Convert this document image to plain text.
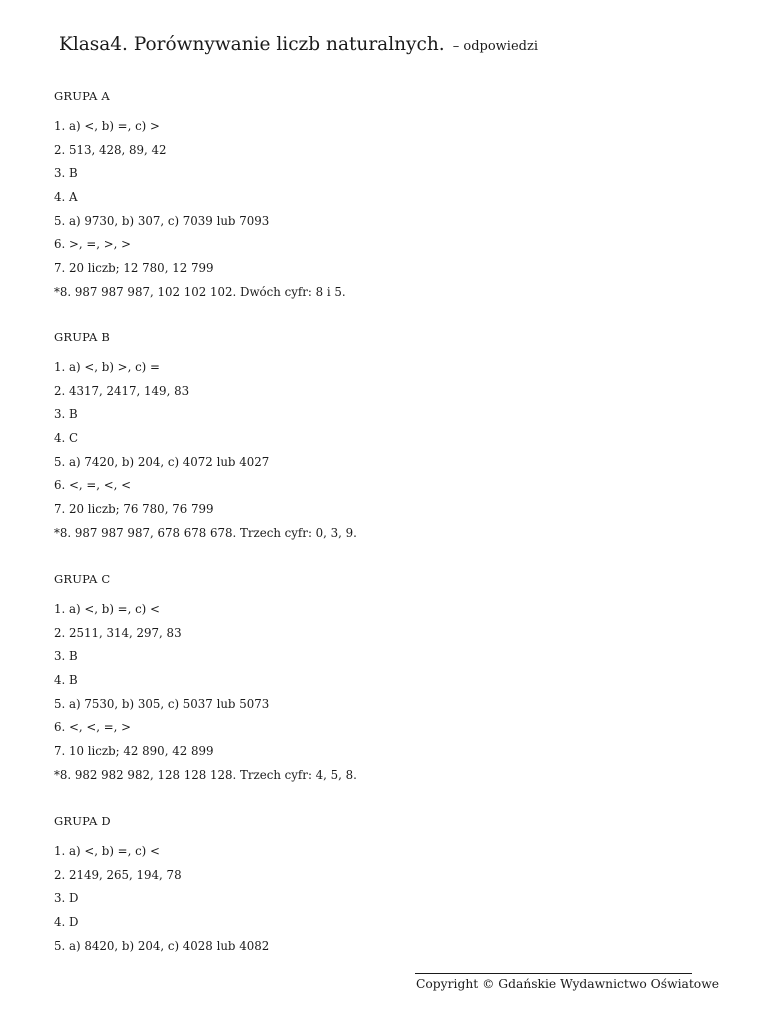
Klasa4. Porównywanie liczb naturalnych. – odpowiedzi
GRUPA A
1. a) <, b) =, c) >
2. 513, 428, 89, 42
3. B
4. A
5. a) 9730, b) 307, c) 7039 lub 7093
6. >, =, >, >
7. 20 liczb; 12 780, 12 799
*8. 987 987 987, 102 102 102. Dwóch cyfr: 8 i 5.
GRUPA B
1. a) <, b) >, c) =
2. 4317, 2417, 149, 83
3. B
4. C
5. a) 7420, b) 204, c) 4072 lub 4027
6. <, =, <, <
7. 20 liczb; 76 780, 76 799
*8. 987 987 987, 678 678 678. Trzech cyfr: 0, 3, 9.
GRUPA C
1. a) <, b) =, c) <
2. 2511, 314, 297, 83
3. B
4. B
5. a) 7530, b) 305, c) 5037 lub 5073
6. <, <, =, >
7. 10 liczb; 42 890, 42 899
*8. 982 982 982, 128 128 128. Trzech cyfr: 4, 5, 8.
GRUPA D
1. a) <, b) =, c) <
2. 2149, 265, 194, 78
3. D
4. D
5. a) 8420, b) 204, c) 4028 lub 4082
Copyright © Gdańskie Wydawnictwo Oświatowe
